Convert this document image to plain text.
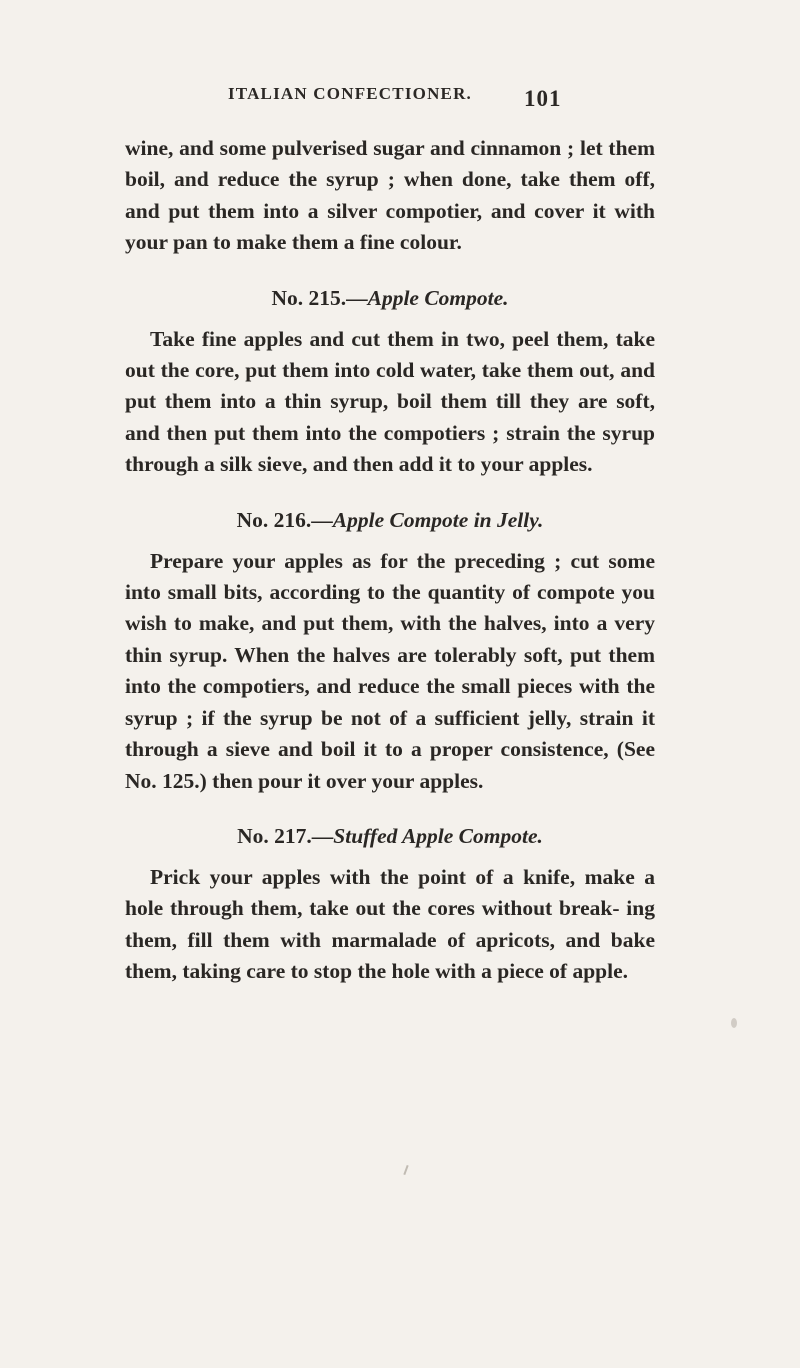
ITALIAN CONFECTIONER.	101

wine, and some pulverised sugar and cinnamon ; let them boil, and reduce the syrup ; when done, take them off, and put them into a silver compotier, and cover it with your pan to make them a fine colour.

No. 215.—Apple Compote.

Take fine apples and cut them in two, peel them, take out the core, put them into cold water, take them out, and put them into a thin syrup, boil them till they are soft, and then put them into the compotiers ; strain the syrup through a silk sieve, and then add it to your apples.

No. 216.—Apple Compote in Jelly.

Prepare your apples as for the preceding ; cut some into small bits, according to the quantity of compote you wish to make, and put them, with the halves, into a very thin syrup. When the halves are tolerably soft, put them into the compotiers, and reduce the small pieces with the syrup ; if the syrup be not of a sufficient jelly, strain it through a sieve and boil it to a proper consistence, (See No. 125.) then pour it over your apples.

No. 217.—Stuffed Apple Compote.

Prick your apples with the point of a knife, make a hole through them, take out the cores without break- ing them, fill them with marmalade of apricots, and bake them, taking care to stop the hole with a piece of apple.
